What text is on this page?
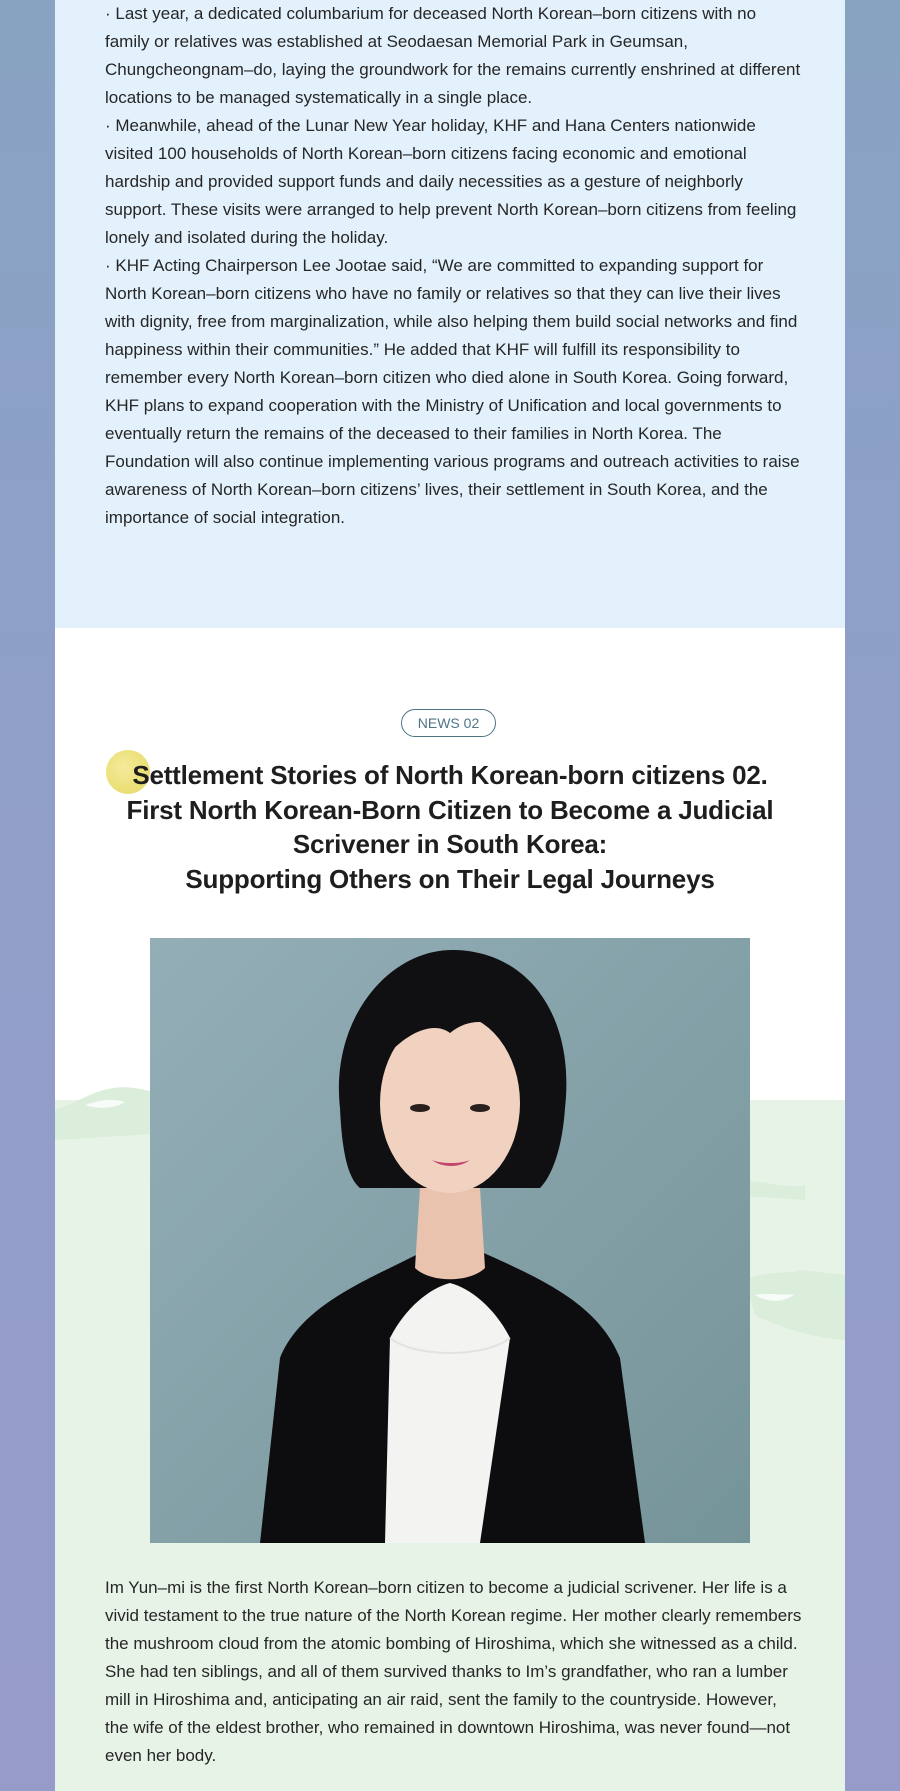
· Last year, a dedicated columbarium for deceased North Korean–born citizens with no family or relatives was established at Seodaesan Memorial Park in Geumsan, Chungcheongnam–do, laying the groundwork for the remains currently enshrined at different locations to be managed systematically in a single place.

· Meanwhile, ahead of the Lunar New Year holiday, KHF and Hana Centers nationwide visited 100 households of North Korean–born citizens facing economic and emotional hardship and provided support funds and daily necessities as a gesture of neighborly support. These visits were arranged to help prevent North Korean–born citizens from feeling lonely and isolated during the holiday.

· KHF Acting Chairperson Lee Jootae said, “We are committed to expanding support for North Korean–born citizens who have no family or relatives so that they can live their lives with dignity, free from marginalization, while also helping them build social networks and find happiness within their communities.” He added that KHF will fulfill its responsibility to remember every North Korean–born citizen who died alone in South Korea. Going forward, KHF plans to expand cooperation with the Ministry of Unification and local governments to eventually return the remains of the deceased to their families in North Korea. The Foundation will also continue implementing various programs and outreach activities to raise awareness of North Korean–born citizens’ lives, their settlement in South Korea, and the importance of social integration.

NEWS 02
Settlement Stories of North Korean-born citizens 02.
First North Korean-Born Citizen to Become a Judicial
Scrivener in South Korea:
Supporting Others on Their Legal Journeys

Im Yun–mi is the first North Korean–born citizen to become a judicial scrivener. Her life is a vivid testament to the true nature of the North Korean regime. Her mother clearly remembers the mushroom cloud from the atomic bombing of Hiroshima, which she witnessed as a child. She had ten siblings, and all of them survived thanks to Im’s grandfather, who ran a lumber mill in Hiroshima and, anticipating an air raid, sent the family to the countryside. However, the wife of the eldest brother, who remained in downtown Hiroshima, was never found—not even her body.
